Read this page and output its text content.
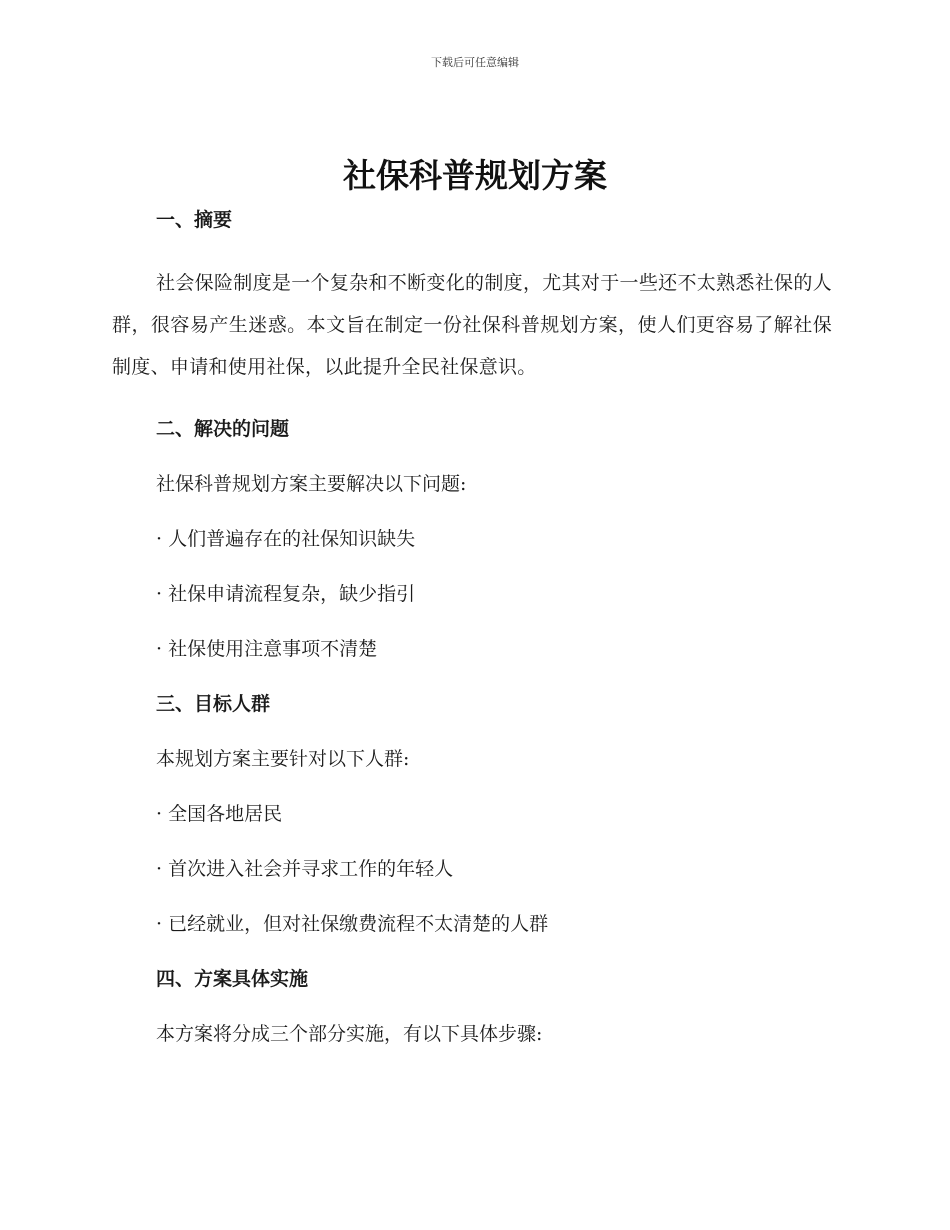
下载后可任意编辑
社保科普规划方案
一、摘要

社会保险制度是一个复杂和不断变化的制度，尤其对于一些还不太熟悉社保的人群，很容易产生迷惑。本文旨在制定一份社保科普规划方案，使人们更容易了解社保制度、申请和使用社保，以此提升全民社保意识。

二、解决的问题
社保科普规划方案主要解决以下问题:
· 人们普遍存在的社保知识缺失
· 社保申请流程复杂，缺少指引
· 社保使用注意事项不清楚
三、目标人群
本规划方案主要针对以下人群:
· 全国各地居民
· 首次进入社会并寻求工作的年轻人
· 已经就业，但对社保缴费流程不太清楚的人群
四、方案具体实施
本方案将分成三个部分实施，有以下具体步骤:
